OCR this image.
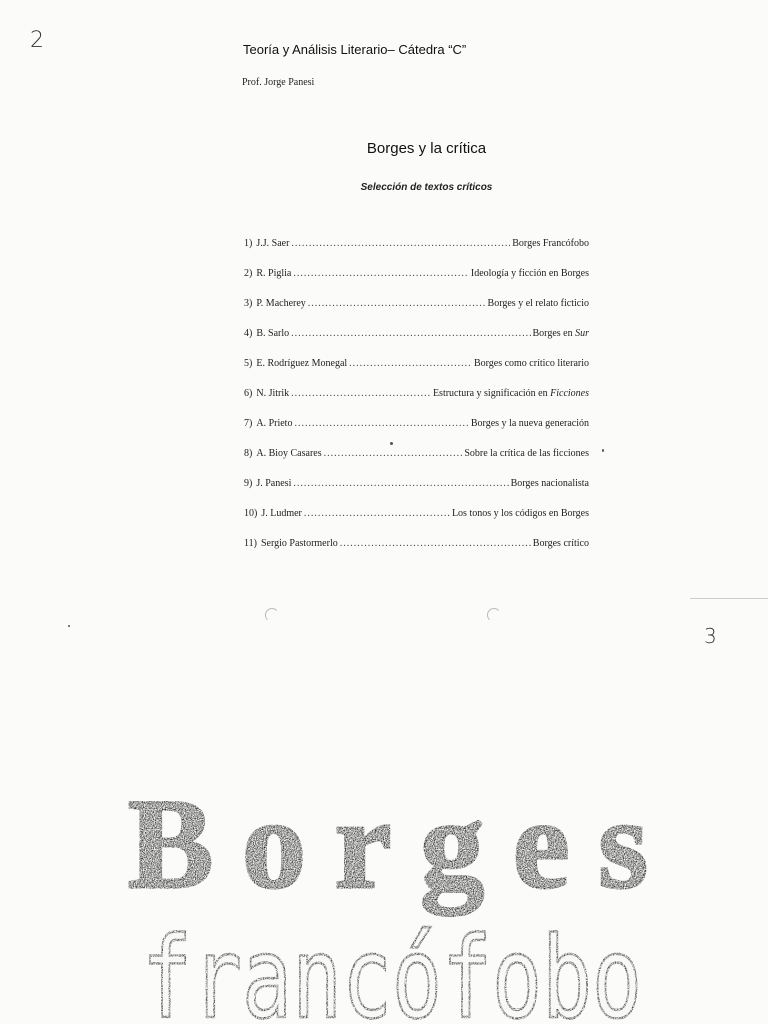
2	Teoría y Análisis Literario– Cátedra “C”
Prof. Jorge Panesi
Borges y la crítica
Selección de textos críticos
1) J.J. Saer .....	Borges Francófobo
2) R. Piglia .....	Ideología y ficción en Borges
3) P. Macherey .....	Borges y el relato ficticio
4) B. Sarlo .....	Borges en Sur
5) E. Rodríguez Monegal .....	Borges como crítico literario
6) N. Jitrik .....	Estructura y significación en Ficciones
7) A. Prieto .....	Borges y la nueva generación
8) A. Bioy Casares .....	Sobre la crítica de las ficciones
9) J. Panesi .....	Borges nacionalista
10) J. Ludmer .....	Los tonos y los códigos en Borges
11) Sergio Pastormerlo .....	Borges crítico
3
Borges
francófobo
